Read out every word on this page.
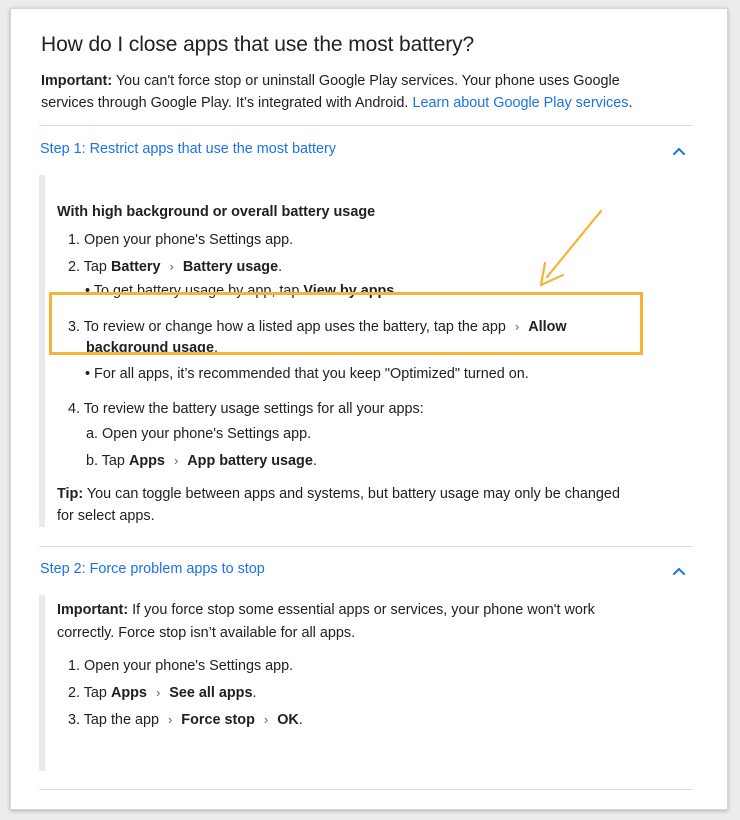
How do I close apps that use the most battery?
Important: You can't force stop or uninstall Google Play services. Your phone uses Google
services through Google Play. It’s integrated with Android. Learn about Google Play services.
Step 1: Restrict apps that use the most battery
With high background or overall battery usage
1. Open your phone's Settings app.
2. Tap Battery › Battery usage.
• To get battery usage by app, tap View by apps.
3. To review or change how a listed app uses the battery, tap the app › Allow
background usage.
• For all apps, it’s recommended that you keep "Optimized" turned on.
4. To review the battery usage settings for all your apps:
a. Open your phone's Settings app.
b. Tap Apps › App battery usage.
Tip: You can toggle between apps and systems, but battery usage may only be changed
for select apps.
Step 2: Force problem apps to stop
Important: If you force stop some essential apps or services, your phone won't work
correctly. Force stop isn’t available for all apps.
1. Open your phone's Settings app.
2. Tap Apps › See all apps.
3. Tap the app › Force stop › OK.
